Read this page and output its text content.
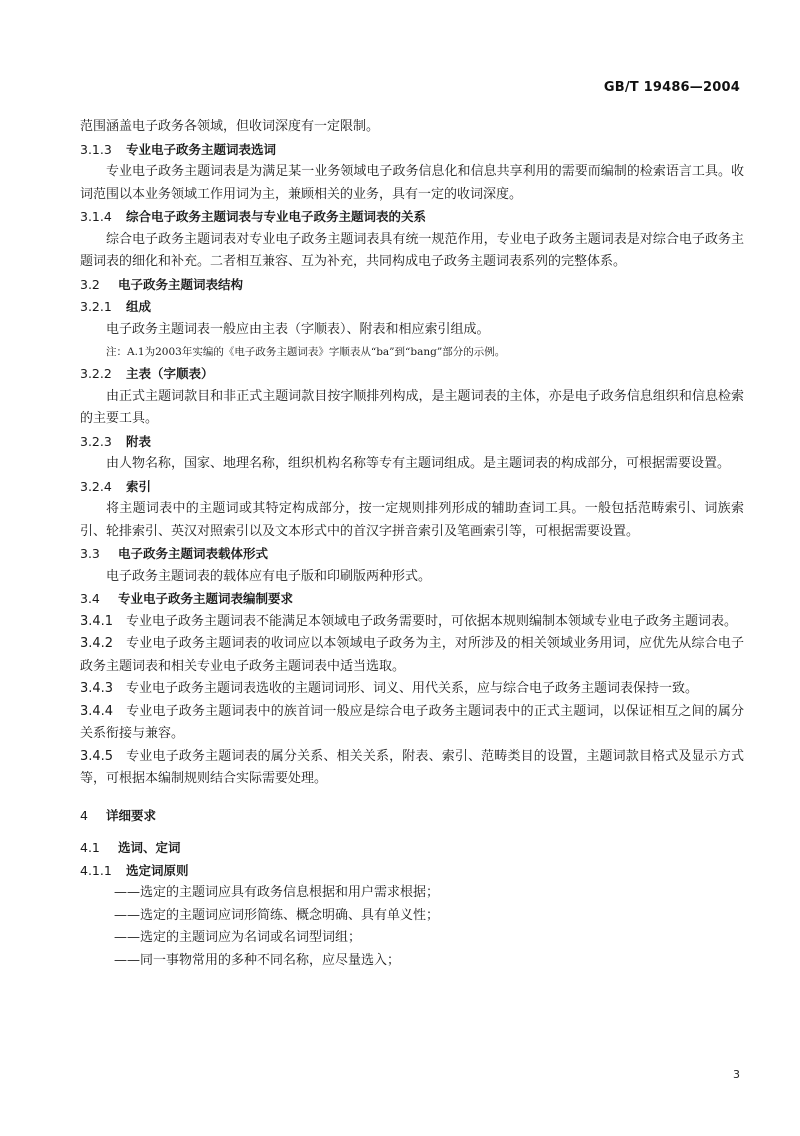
GB/T 19486—2004

范围涵盖电子政务各领域，但收词深度有一定限制。

3.1.3 专业电子政务主题词表选词

专业电子政务主题词表是为满足某一业务领域电子政务信息化和信息共享利用的需要而编制的检索语言工具。收词范围以本业务领域工作用词为主，兼顾相关的业务，具有一定的收词深度。

3.1.4 综合电子政务主题词表与专业电子政务主题词表的关系

综合电子政务主题词表对专业电子政务主题词表具有统一规范作用，专业电子政务主题词表是对综合电子政务主题词表的细化和补充。二者相互兼容、互为补充，共同构成电子政务主题词表系列的完整体系。

3.2 电子政务主题词表结构
3.2.1 组成

电子政务主题词表一般应由主表（字顺表）、附表和相应索引组成。

注：A.1为2003年实编的《电子政务主题词表》字顺表从“ba”到“bang”部分的示例。

3.2.2 主表（字顺表）

由正式主题词款目和非正式主题词款目按字顺排列构成，是主题词表的主体，亦是电子政务信息组织和信息检索的主要工具。

3.2.3 附表

由人物名称，国家、地理名称，组织机构名称等专有主题词组成。是主题词表的构成部分，可根据需要设置。

3.2.4 索引

将主题词表中的主题词或其特定构成部分，按一定规则排列形成的辅助查词工具。一般包括范畴索引、词族索引、轮排索引、英汉对照索引以及文本形式中的首汉字拼音索引及笔画索引等，可根据需要设置。

3.3 电子政务主题词表载体形式

电子政务主题词表的载体应有电子版和印刷版两种形式。

3.4 专业电子政务主题词表编制要求

3.4.1 专业电子政务主题词表不能满足本领域电子政务需要时，可依据本规则编制本领域专业电子政务主题词表。

3.4.2 专业电子政务主题词表的收词应以本领域电子政务为主，对所涉及的相关领域业务用词，应优先从综合电子政务主题词表和相关专业电子政务主题词表中适当选取。

3.4.3 专业电子政务主题词表选收的主题词词形、词义、用代关系，应与综合电子政务主题词表保持一致。

3.4.4 专业电子政务主题词表中的族首词一般应是综合电子政务主题词表中的正式主题词，以保证相互之间的属分关系衔接与兼容。

3.4.5 专业电子政务主题词表的属分关系、相关关系，附表、索引、范畴类目的设置，主题词款目格式及显示方式等，可根据本编制规则结合实际需要处理。

4 详细要求
4.1 选词、定词
4.1.1 选定词原则

——选定的主题词应具有政务信息根据和用户需求根据；

——选定的主题词应词形简练、概念明确、具有单义性；

——选定的主题词应为名词或名词型词组；

——同一事物常用的多种不同名称，应尽量选入；

3
